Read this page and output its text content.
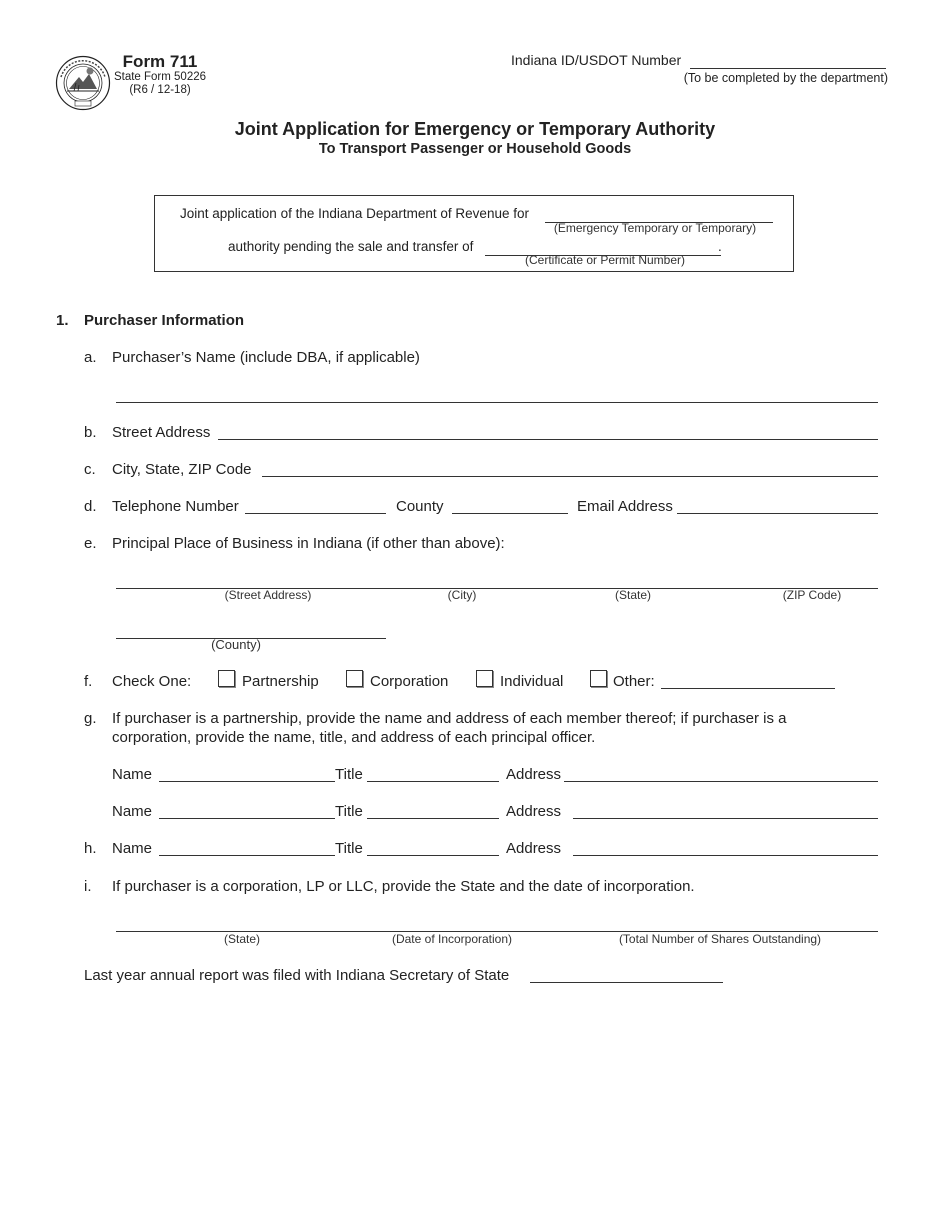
Form 711
State Form 50226
(R6 / 12-18)
Indiana ID/USDOT Number
(To be completed by the department)
Joint Application for Emergency or Temporary Authority
To Transport Passenger or Household Goods
Joint application of the Indiana Department of Revenue for
(Emergency Temporary or Temporary)
authority pending the sale and transfer of	.
(Certificate or Permit Number)
1. Purchaser Information
a. Purchaser’s Name (include DBA, if applicable)
b. Street Address
c. City, State, ZIP Code
d. Telephone Number	County	Email Address
e. Principal Place of Business in Indiana (if other than above):
(Street Address)	(City)	(State)	(ZIP Code)
(County)
f. Check One:	Partnership	Corporation	Individual	Other:
g. If purchaser is a partnership, provide the name and address of each member thereof; if purchaser is a
corporation, provide the name, title, and address of each principal officer.
Name	Title	Address
Name	Title	Address
h. Name	Title	Address
i. If purchaser is a corporation, LP or LLC, provide the State and the date of incorporation.
(State)	(Date of Incorporation)	(Total Number of Shares Outstanding)
Last year annual report was filed with Indiana Secretary of State
